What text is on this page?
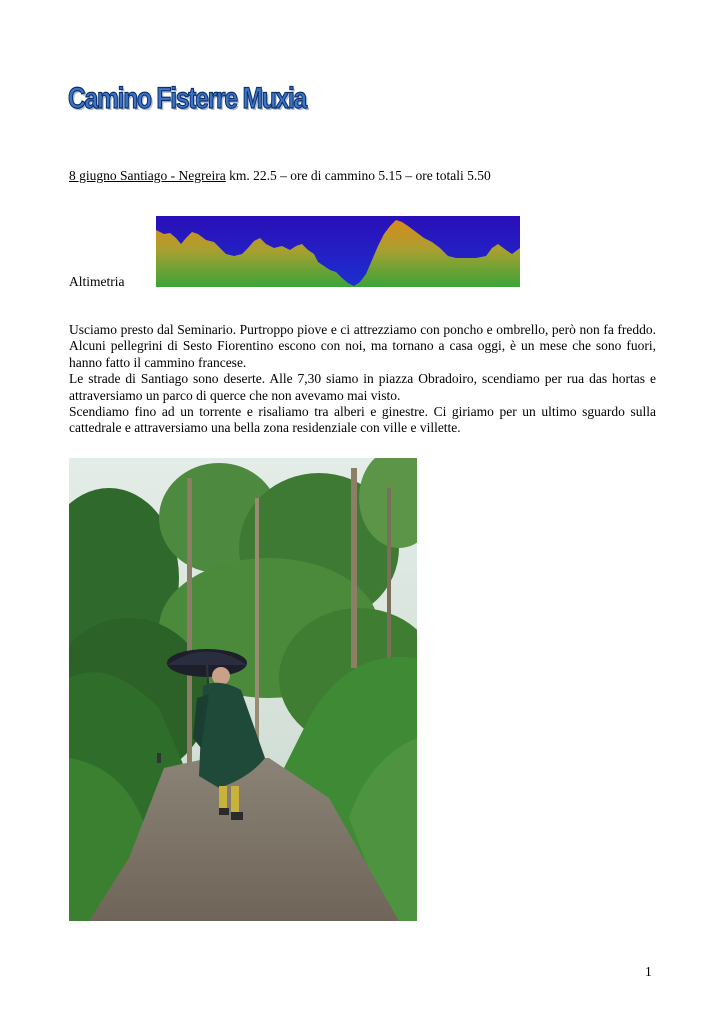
Camino Fisterre Muxia
8 giugno Santiago - Negreira km. 22.5 – ore di cammino 5.15 – ore totali 5.50
Altimetria

Usciamo presto dal Seminario. Purtroppo piove e ci attrezziamo con poncho e ombrello, però non fa freddo. Alcuni pellegrini di Sesto Fiorentino escono con noi, ma tornano a casa oggi, è un mese che sono fuori, hanno fatto il cammino francese.

Le strade di Santiago sono deserte. Alle 7,30 siamo in piazza Obradoiro, scendiamo per rua das hortas e attraversiamo un parco di querce che non avevamo mai visto.

Scendiamo fino ad un torrente e risaliamo tra alberi e ginestre. Ci giriamo per un ultimo sguardo sulla cattedrale e attraversiamo una bella zona residenziale con ville e villette.

1
